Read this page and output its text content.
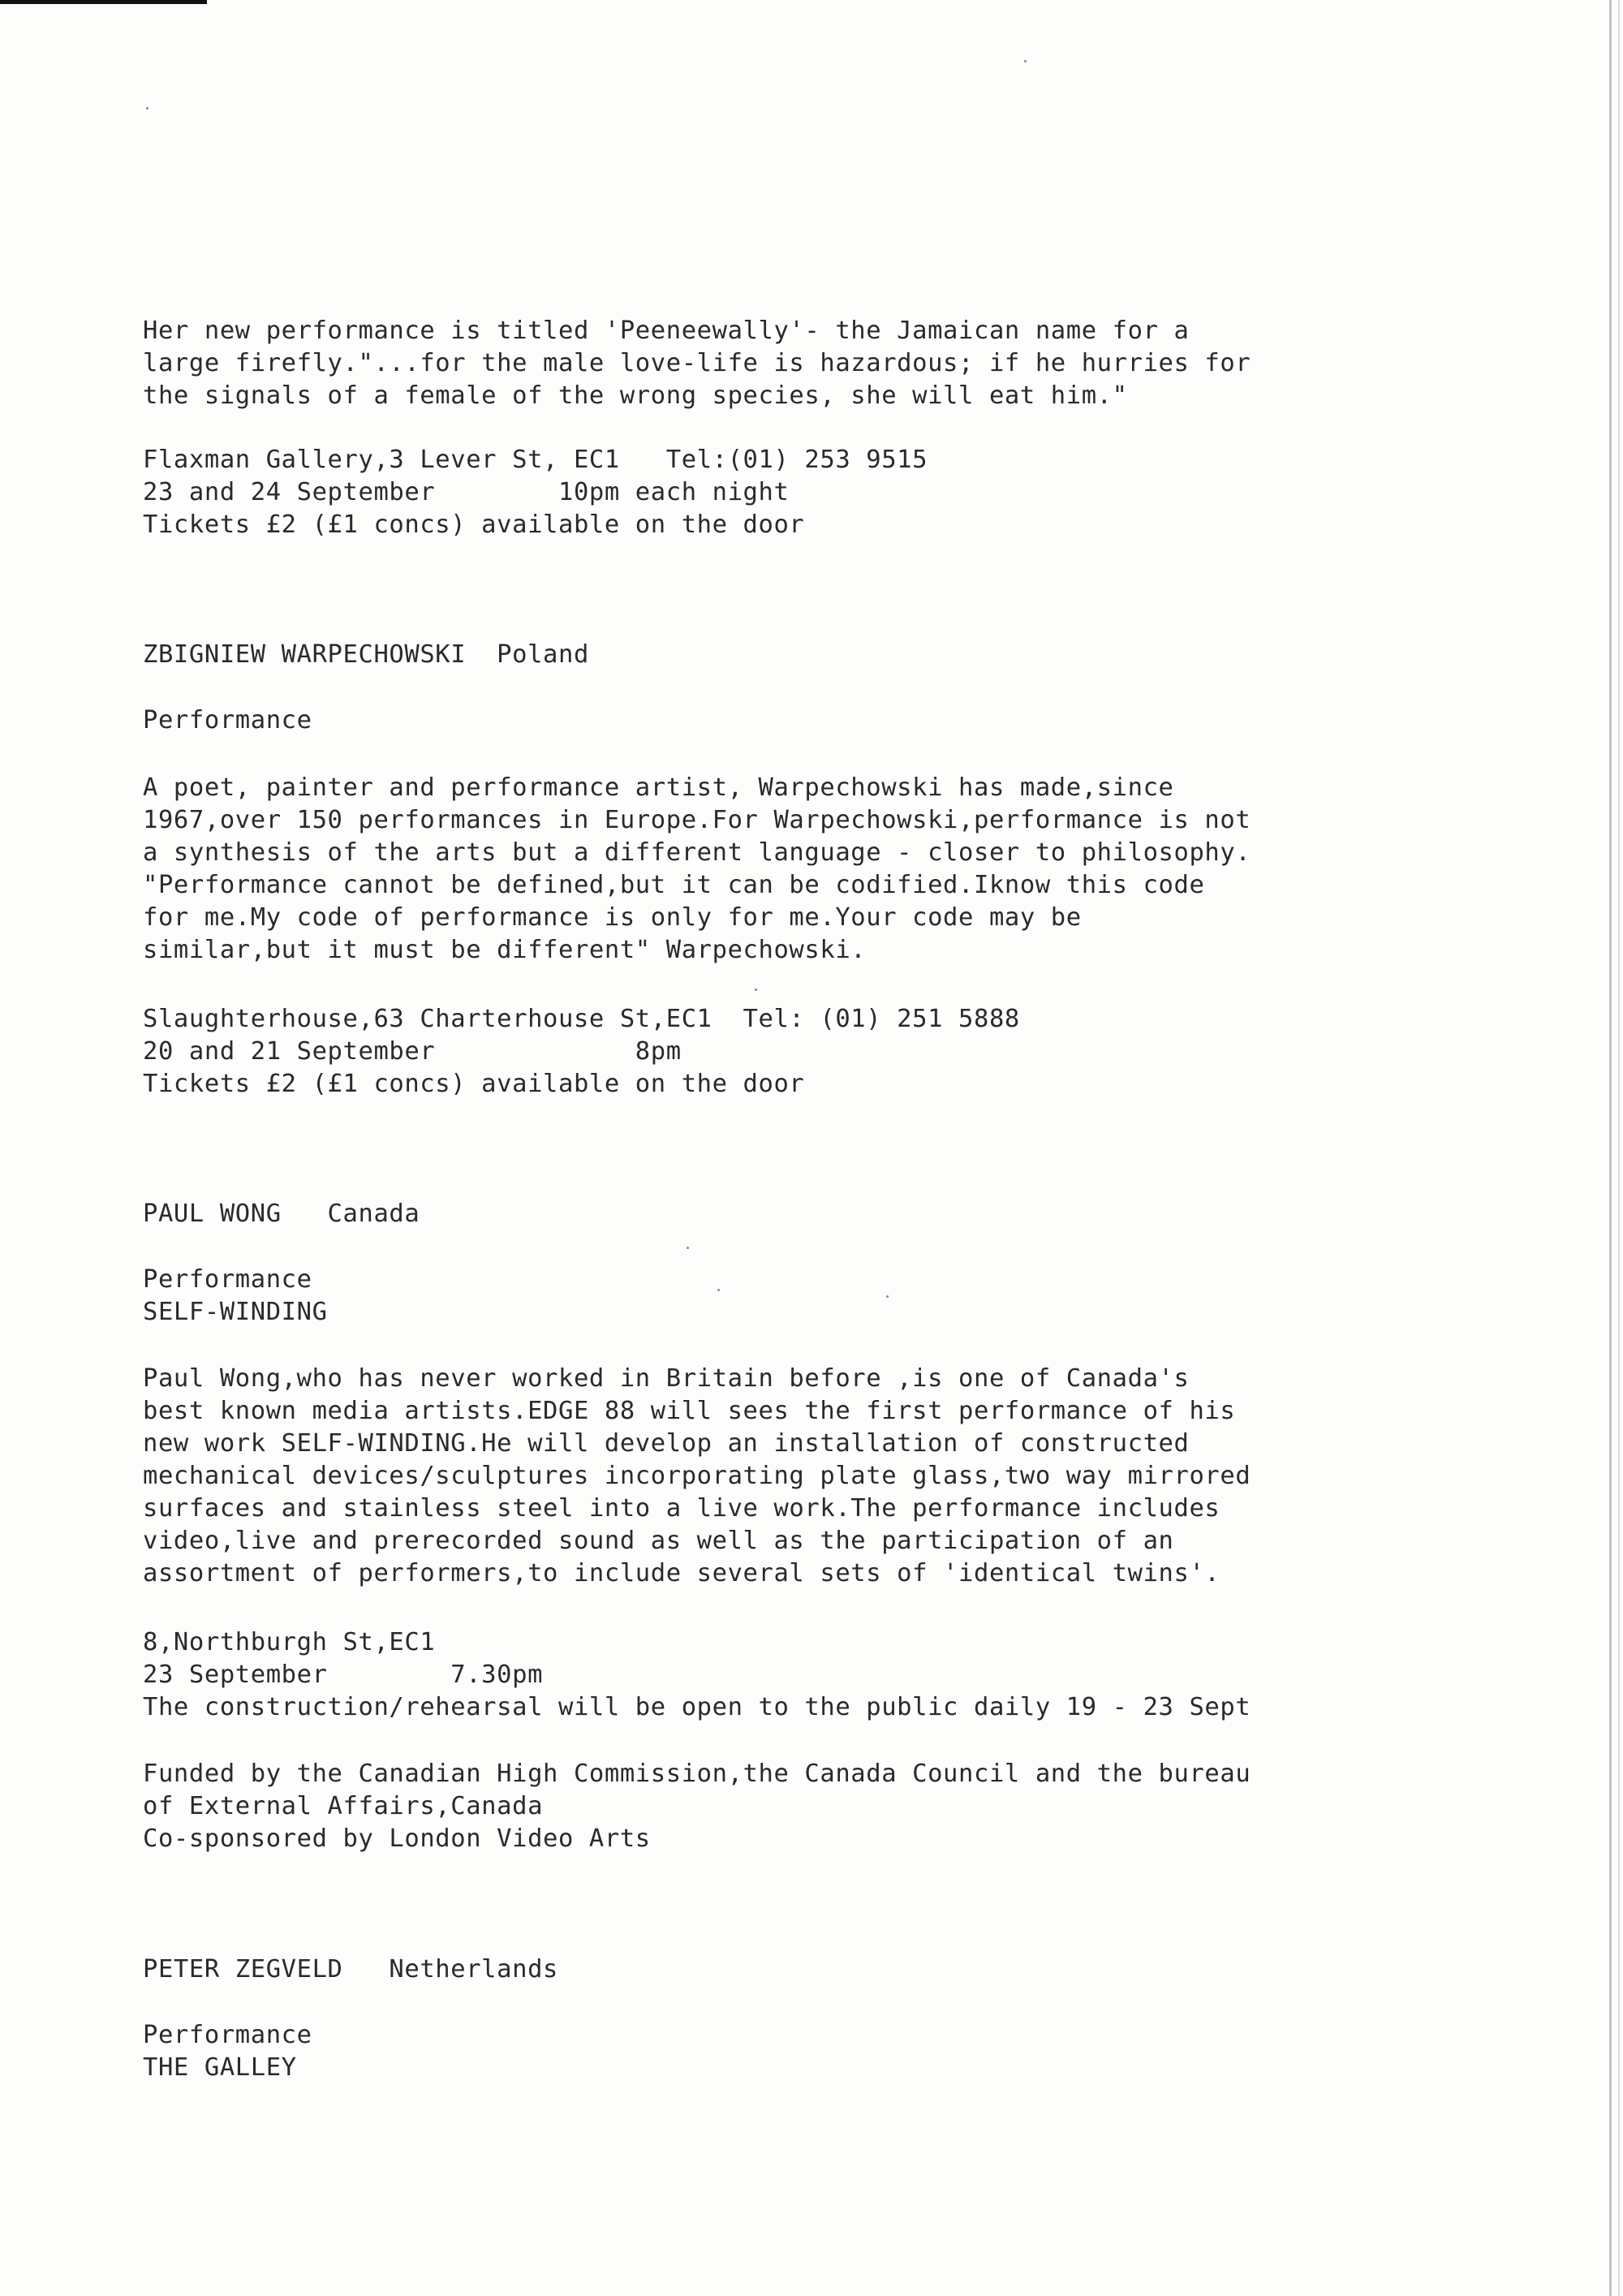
Her new performance is titled 'Peeneewally'- the Jamaican name for a
large firefly."...for the male love-life is hazardous; if he hurries for
the signals of a female of the wrong species, she will eat him."
Flaxman Gallery,3 Lever St, EC1   Tel:(01) 253 9515
23 and 24 September        10pm each night
Tickets £2 (£1 concs) available on the door
ZBIGNIEW WARPECHOWSKI  Poland
Performance
A poet, painter and performance artist, Warpechowski has made,since
1967,over 150 performances in Europe.For Warpechowski,performance is not
a synthesis of the arts but a different language - closer to philosophy.
"Performance cannot be defined,but it can be codified.Iknow this code
for me.My code of performance is only for me.Your code may be
similar,but it must be different" Warpechowski.
Slaughterhouse,63 Charterhouse St,EC1  Tel: (01) 251 5888
20 and 21 September             8pm
Tickets £2 (£1 concs) available on the door
PAUL WONG   Canada
Performance
SELF-WINDING
Paul Wong,who has never worked in Britain before ,is one of Canada's
best known media artists.EDGE 88 will sees the first performance of his
new work SELF-WINDING.He will develop an installation of constructed
mechanical devices/sculptures incorporating plate glass,two way mirrored
surfaces and stainless steel into a live work.The performance includes
video,live and prerecorded sound as well as the participation of an
assortment of performers,to include several sets of 'identical twins'.
8,Northburgh St,EC1
23 September        7.30pm
The construction/rehearsal will be open to the public daily 19 - 23 Sept
Funded by the Canadian High Commission,the Canada Council and the bureau
of External Affairs,Canada
Co-sponsored by London Video Arts
PETER ZEGVELD   Netherlands
Performance
THE GALLEY
